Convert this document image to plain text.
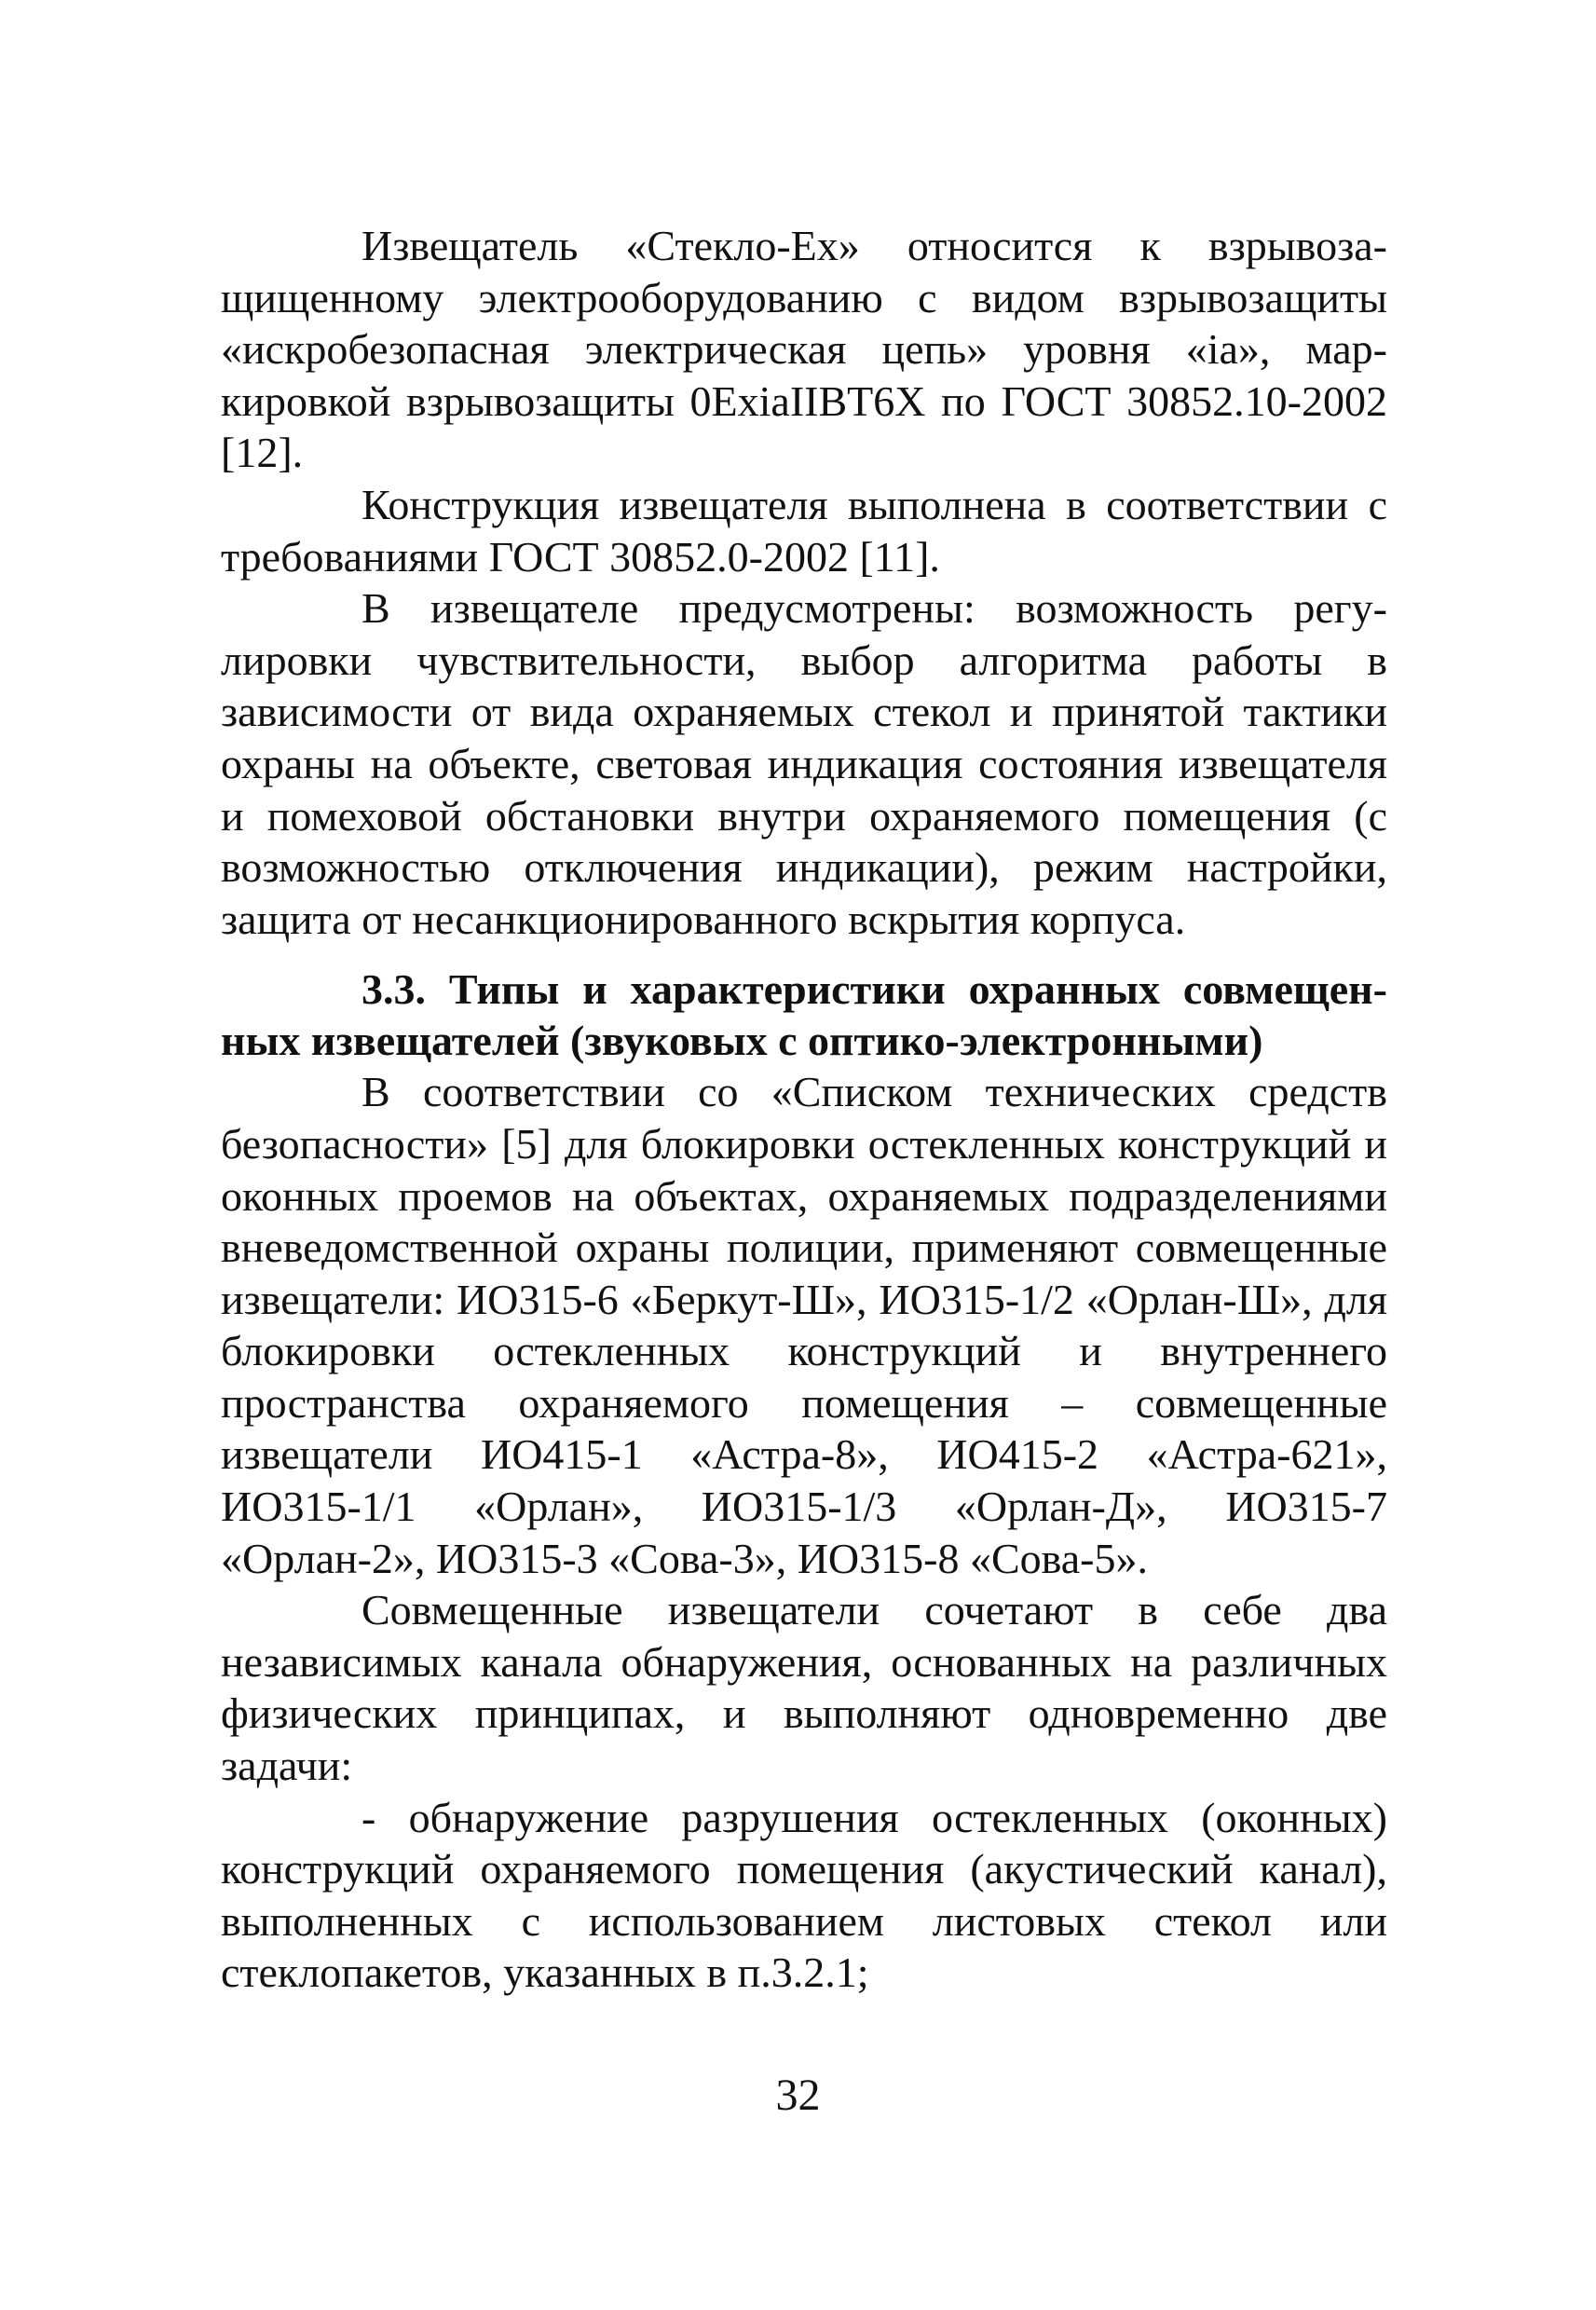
Извещатель «Стекло-Ех» относится к взрывозащищенному электрооборудованию с видом взрывозащиты «искробезопасная электрическая цепь» уровня «ia», маркировкой взрывозащиты 0ExiaIIBT6X по ГОСТ 30852.10-2002 [12].

Конструкция извещателя выполнена в соответствии с требованиями ГОСТ 30852.0-2002 [11].

В извещателе предусмотрены: возможность регулировки чувствительности, выбор алгоритма работы в зависимости от вида охраняемых стекол и принятой тактики охраны на объекте, световая индикация состояния извещателя и помеховой обстановки внутри охраняемого помещения (с возможностью отключения индикации), режим настройки, защита от несанкционированного вскрытия корпуса.

3.3. Типы и характеристики охранных совмещенных извещателей (звуковых с оптико-электронными)

В соответствии со «Списком технических средств безопасности» [5] для блокировки остекленных конструкций и оконных проемов на объектах, охраняемых подразделениями вневедомственной охраны полиции, применяют совмещенные извещатели: ИО315-6 «Беркут-Ш», ИО315-1/2 «Орлан-Ш», для блокировки остекленных конструкций и внутреннего пространства охраняемого помещения – совмещенные извещатели ИО415-1 «Астра-8», ИО415-2 «Астра-621», ИО315-1/1 «Орлан», ИО315-1/3 «Орлан-Д», ИО315-7 «Орлан-2», ИО315-3 «Сова-3», ИО315-8 «Сова-5».

Совмещенные извещатели сочетают в себе два независимых канала обнаружения, основанных на различных физических принципах, и выполняют одновременно две задачи:

- обнаружение разрушения остекленных (оконных) конструкций охраняемого помещения (акустический канал), выполненных с использованием листовых стекол или стеклопакетов, указанных в п.3.2.1;

32
